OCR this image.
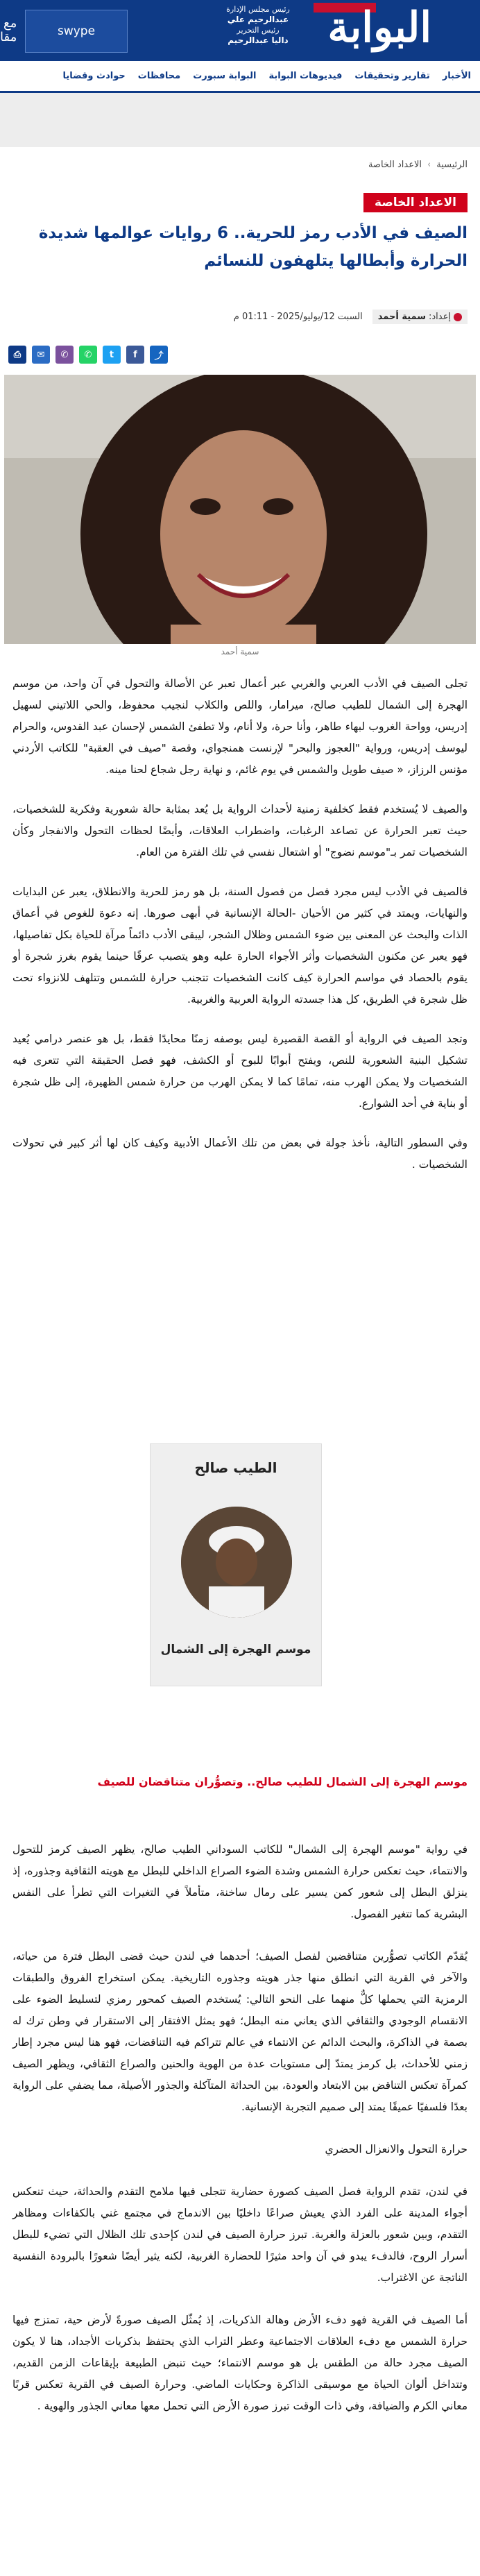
البوابة
رئيس مجلس الإدارة
عبدالرحيم علي
رئيس التحرير
داليا عبدالرحيم
swype
مع
مقا
الأخبار
تقارير وتحقيقات
فيديوهات البوابة
البوابة سبورت
محافظات
حوادث وقضايا
الرئيسية
›
الاعداد الخاصة
الاعداد الخاصة
الصيف في الأدب رمز للحرية.. 6 روايات عوالمها شديدة الحرارة وأبطالها يتلهفون للنسائم
إعداد:
سمية أحمد
السبت 12/يوليو/2025 - 01:11 م
⎙	✉	✆	✆	t	f	⤴
سمية أحمد

تجلى الصيف في الأدب العربي والغربي عبر أعمال تعبر عن الأصالة والتحول في آن واحد، من موسم الهجرة إلى الشمال للطيب صالح، ميرامار، واللص والكلاب لنجيب محفوظ، والحي اللاتيني لسهيل إدريس، وواحة الغروب لبهاء طاهر، وأنا حرة، ولا أنام، ولا تطفئ الشمس لإحسان عبد القدوس، والحرام ليوسف إدريس، ورواية "العجوز والبحر" لإرنست همنجواي، وقصة "صيف في العقبة" للكاتب الأردني مؤنس الرزاز، « صيف طويل والشمس في يوم غائم، و نهاية رجل شجاع لحنا مينه.

والصيف لا يُستخدم فقط كخلفية زمنية لأحداث الرواية بل يُعد بمثابة حالة شعورية وفكرية للشخصيات، حيث تعبر الحرارة عن تصاعد الرغبات، واضطراب العلاقات، وأيضًا لحظات التحول والانفجار وكأن الشخصيات تمر بـ"موسم نضوج" أو اشتعال نفسي في تلك الفترة من العام.

فالصيف في الأدب ليس مجرد فصل من فصول السنة، بل هو رمز للحرية والانطلاق، يعبر عن البدايات والنهايات، ويمتد في كثير من الأحيان -الحالة الإنسانية في أبهى صورها. إنه دعوة للغوص في أعماق الذات والبحث عن المعنى بين ضوء الشمس وظلال الشجر، ليبقى الأدب دائماً مرآة للحياة بكل تفاصيلها، فهو يعبر عن مكنون الشخصيات وأثر الأجواء الحارة عليه وهو يتصبب عرقًا حينما يقوم بغرز شجرة أو يقوم بالحصاد في مواسم الحرارة كيف كانت الشخصيات تتجنب حرارة للشمس وتتلهف للانزواء تحت ظل شجرة في الطريق، كل هذا جسدته الرواية العربية والغربية.

وتجد الصيف في الرواية أو القصة القصيرة ليس بوصفه زمنًا محايدًا فقط، بل هو عنصر درامي يُعيد تشكيل البنية الشعورية للنص، ويفتح أبوابًا للبوح أو الكشف، فهو فصل الحقيقة التي تتعرى فيه الشخصيات ولا يمكن الهرب منه، تمامًا كما لا يمكن الهرب من حرارة شمس الظهيرة، إلى ظل شجرة أو بناية في أحد الشوارع.

وفي السطور التالية، نأخذ جولة في بعض من تلك الأعمال الأدبية وكيف كان لها أثر كبير في تحولات الشخصيات .

الطيب صالح
موسم الهجرة إلى الشمال
موسم الهجرة إلى الشمال للطيب صالح.. وتصوُّران متناقضان للصيف

في رواية "موسم الهجرة إلى الشمال" للكاتب السوداني الطيب صالح، يظهر الصيف كرمز للتحول والانتماء، حيث تعكس حرارة الشمس وشدة الضوء الصراع الداخلي للبطل مع هويته الثقافية وجذوره، إذ ينزلق البطل إلى شعور كمن يسير على رمال ساخنة، متأملاً في التغيرات التي تطرأ على النفس البشرية كما تتغير الفصول.

يُقدّم الكاتب تصوُّرين متناقضين لفصل الصيف؛ أحدهما في لندن حيث قضى البطل فترة من حياته، والآخر في القرية التي انطلق منها جذر هويته وجذوره التاريخية. يمكن استخراج الفروق والطبقات الرمزية التي يحملها كلٌّ منهما على النحو التالي: يُستخدم الصيف كمحور رمزي لتسليط الضوء على الانقسام الوجودي والثقافي الذي يعاني منه البطل؛ فهو يمثل الافتقار إلى الاستقرار في وطن ترك له بصمة في الذاكرة، والبحث الدائم عن الانتماء في عالم تتراكم فيه التناقضات، فهو هنا ليس مجرد إطار زمني للأحداث، بل كرمز يمتدّ إلى مستويات عدة من الهوية والحنين والصراع الثقافي، ويظهر الصيف كمرآة تعكس التناقض بين الابتعاد والعودة، بين الحداثة المتآكلة والجذور الأصيلة، مما يضفي على الرواية بعدًا فلسفيًا عميقًا يمتد إلى صميم التجربة الإنسانية.

حرارة التحول والانعزال الحضري

في لندن، تقدم الرواية فصل الصيف كصورة حضارية تتجلى فيها ملامح التقدم والحداثة، حيث تنعكس أجواء المدينة على الفرد الذي يعيش صراعًا داخليًا بين الاندماج في مجتمع غني بالكفاءات ومظاهر التقدم، وبين شعور بالعزلة والغربة. تبرز حرارة الصيف في لندن كإحدى تلك الظلال التي تضيء للبطل أسرار الروح، فالدفء يبدو في آن واحد مثيرًا للحضارة الغربية، لكنه يثير أيضًا شعورًا بالبرودة النفسية الناتجة عن الاغتراب.

أما الصيف في القرية فهو دفء الأرض وهالة الذكريات، إذ يُمثّل الصيف صورةً لأرض حية، تمتزج فيها حرارة الشمس مع دفء العلاقات الاجتماعية وعطر التراب الذي يحتفظ بذكريات الأجداد، هنا لا يكون الصيف مجرد حالة من الطقس بل هو موسم الانتماء؛ حيث تنبض الطبيعة بإيقاعات الزمن القديم، وتتداخل ألوان الحياة مع موسيقى الذاكرة وحكايات الماضي. وحرارة الصيف في القرية تعكس قربًا معاني الكرم والضيافة، وفي ذات الوقت تبرز صورة الأرض التي تحمل معها معاني الجذور والهوية .
